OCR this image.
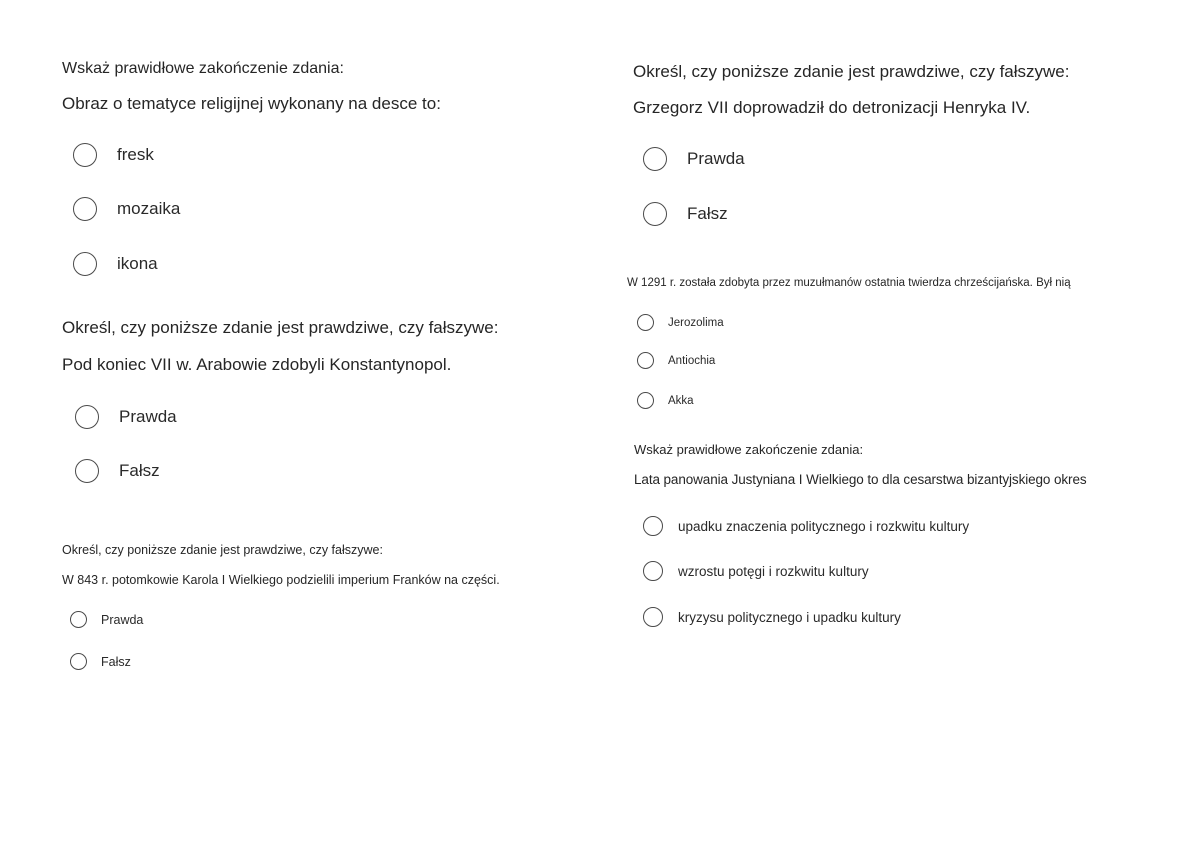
Wskaż prawidłowe zakończenie zdania:
Obraz o tematyce religijnej wykonany na desce to:
fresk
mozaika
ikona
Określ, czy poniższe zdanie jest prawdziwe, czy fałszywe:
Pod koniec VII w. Arabowie zdobyli Konstantynopol.
Prawda
Fałsz
Określ, czy poniższe zdanie jest prawdziwe, czy fałszywe:
W 843 r. potomkowie Karola I Wielkiego podzielili imperium Franków na części.
Prawda
Fałsz
Określ, czy poniższe zdanie jest prawdziwe, czy fałszywe:
Grzegorz VII doprowadził do detronizacji Henryka IV.
Prawda
Fałsz
W 1291 r. została zdobyta przez muzułmanów ostatnia twierdza chrześcijańska. Był nią
Jerozolima
Antiochia
Akka
Wskaż prawidłowe zakończenie zdania:
Lata panowania Justyniana I Wielkiego to dla cesarstwa bizantyjskiego okres
upadku znaczenia politycznego i rozkwitu kultury
wzrostu potęgi i rozkwitu kultury
kryzysu politycznego i upadku kultury
